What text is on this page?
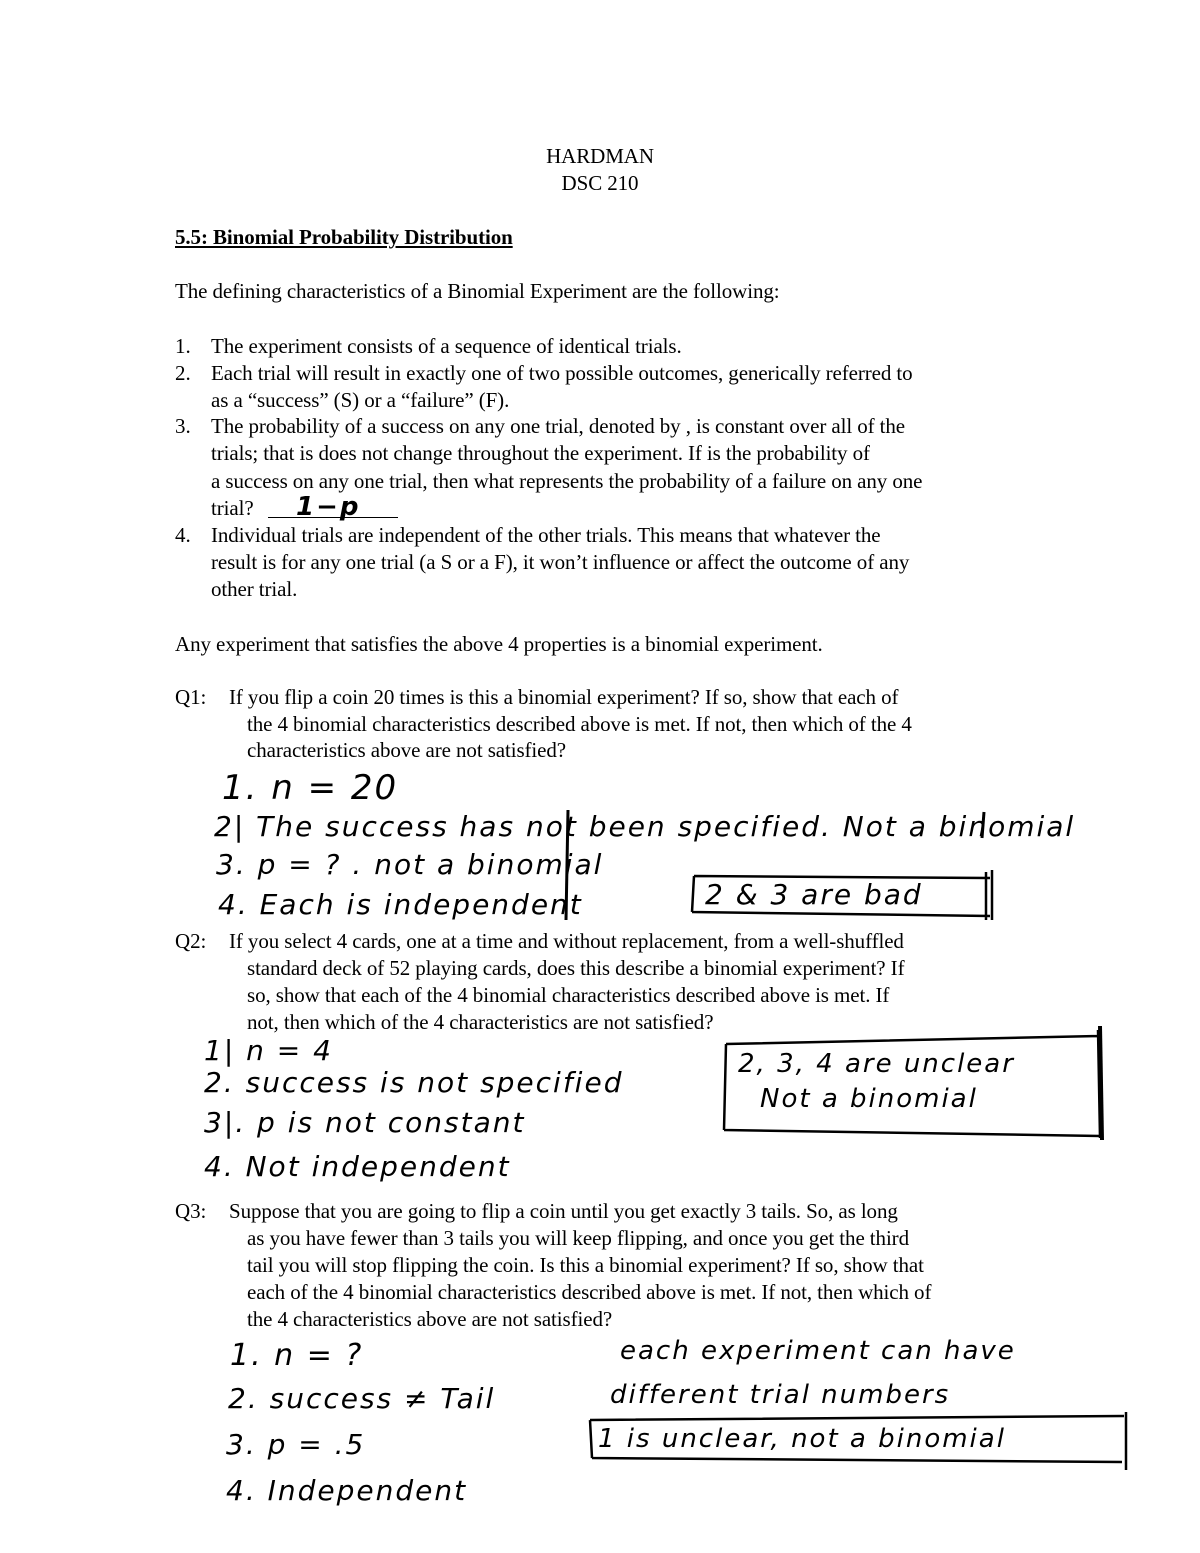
HARDMAN
DSC 210
5.5: Binomial Probability Distribution
The defining characteristics of a Binomial Experiment are the following:
1. The experiment consists of a sequence of identical trials.
2. Each trial will result in exactly one of two possible outcomes, generically referred to
as a “success” (S) or a “failure” (F).
3. The probability of a success on any one trial, denoted by , is constant over all of the
trials; that is does not change throughout the experiment. If is the probability of
a success on any one trial, then what represents the probability of a failure on any one
trial? 1−p
4. Individual trials are independent of the other trials. This means that whatever the
result is for any one trial (a S or a F), it won’t influence or affect the outcome of any
other trial.
Any experiment that satisfies the above 4 properties is a binomial experiment.
Q1: If you flip a coin 20 times is this a binomial experiment? If so, show that each of
the 4 binomial characteristics described above is met. If not, then which of the 4
characteristics above are not satisfied?
1. n = 20
2| The success has not been specified. Not a binomial
3. p = ? . not a binomial
4. Each is independent	2 & 3 are bad
Q2: If you select 4 cards, one at a time and without replacement, from a well-shuffled
standard deck of 52 playing cards, does this describe a binomial experiment? If
so, show that each of the 4 binomial characteristics described above is met. If
not, then which of the 4 characteristics are not satisfied?
1| n = 4
2. success is not specified
3|. p is not constant
4. Not independent
2, 3, 4 are unclear
Not a binomial
Q3: Suppose that you are going to flip a coin until you get exactly 3 tails. So, as long
as you have fewer than 3 tails you will keep flipping, and once you get the third
tail you will stop flipping the coin. Is this a binomial experiment? If so, show that
each of the 4 binomial characteristics described above is met. If not, then which of
the 4 characteristics above are not satisfied?
1. n = ?
2. success ≠ Tail
3. p = .5
4. Independent
each experiment can have
different trial numbers
1 is unclear, not a binomial
